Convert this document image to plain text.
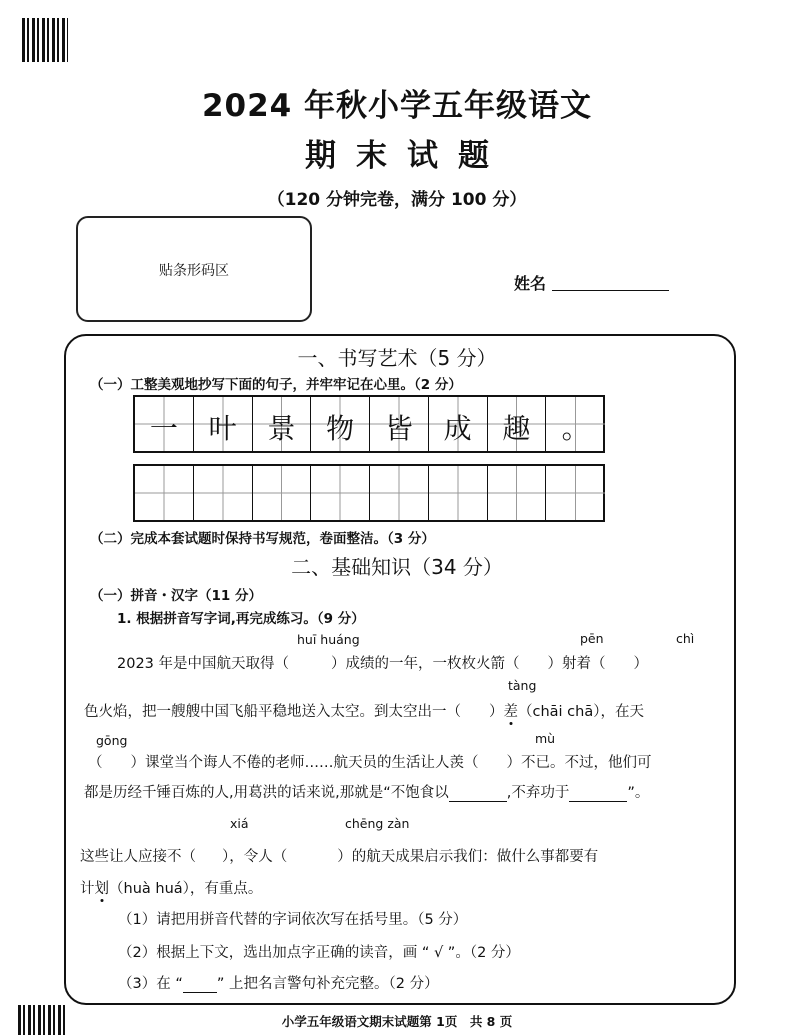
2024 年秋小学五年级语文
期末试题
（120 分钟完卷，满分 100 分）
贴条形码区
姓名
一、书写艺术（5 分）
（一）工整美观地抄写下面的句子，并牢牢记在心里。（2 分）
一	叶	景	物	皆	成	趣	。
（二）完成本套试题时保持书写规范，卷面整洁。（3 分）
二、基础知识（34 分）
（一）拼音・汉字（11 分）
1. 根据拼音写字词,再完成练习。（9 分）
huī huáng	pēn	chì
2023 年是中国航天取得（	）成绩的一年，一枚枚火箭（ ）射着（ ）
tàng
色火焰，把一艘艘中国飞船平稳地送入太空。到太空出一（ ）差（chāi chā），在天
gōng	mù
（ ）课堂当个诲人不倦的老师……航天员的生活让人羡（ ）不已。不过，他们可
都是历经千锤百炼的人,用葛洪的话来说,那就是“不饱食以	,不弃功于	”。
xiá	chēng zàn
这些让人应接不（ ），令人（	）的航天成果启示我们：做什么事都要有
计划（huà huá），有重点。
（1）请把用拼音代替的字词依次写在括号里。（5 分）
（2）根据上下文，选出加点字正确的读音，画 “ √ ”。（2 分）
（3）在 “ ” 上把名言警句补充完整。（2 分）
小学五年级语文期末试题第 1页　共 8 页
